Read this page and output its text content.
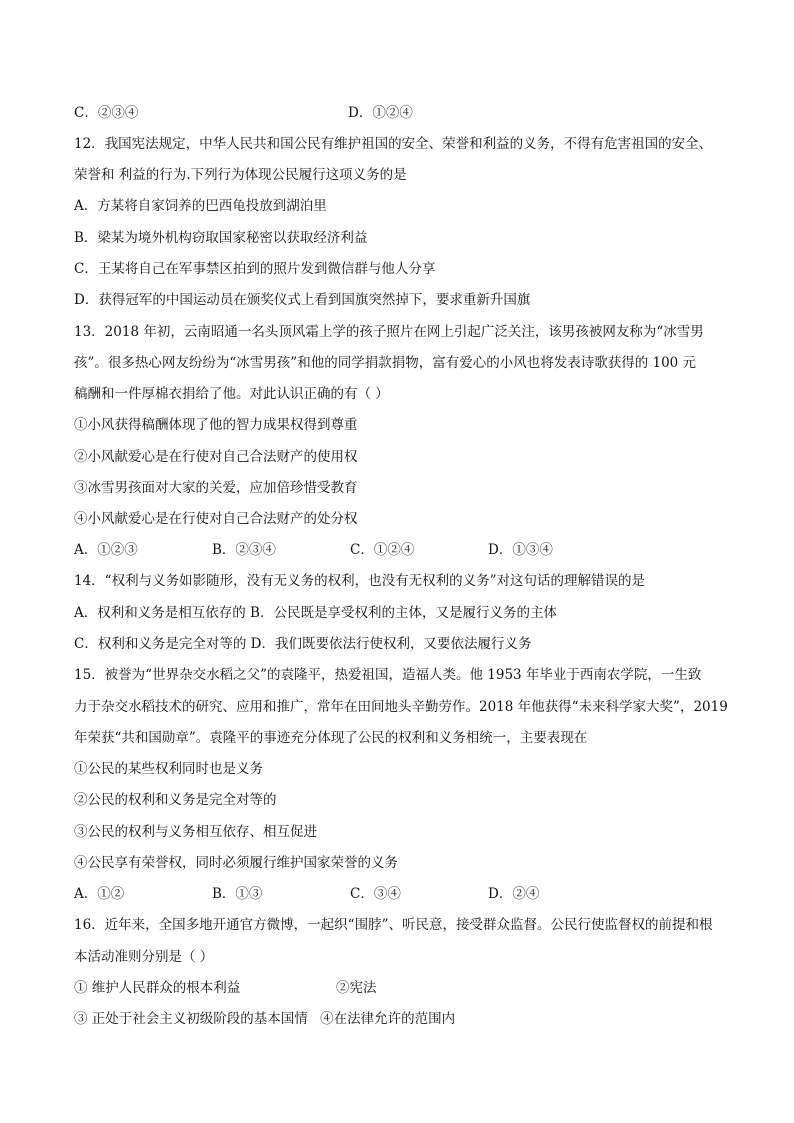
C．②③④	D．①②④
12．我国宪法规定，中华人民共和国公民有维护祖国的安全、荣誉和利益的义务，不得有危害祖国的安全、
荣誉和 利益的行为.下列行为体现公民履行这项义务的是
A．方某将自家饲养的巴西龟投放到湖泊里
B．梁某为境外机构窃取国家秘密以获取经济利益
C．王某将自己在军事禁区拍到的照片发到微信群与他人分享
D．获得冠军的中国运动员在颁奖仪式上看到国旗突然掉下，要求重新升国旗
13．2018 年初，云南昭通一名头顶风霜上学的孩子照片在网上引起广泛关注，该男孩被网友称为“冰雪男
孩”。很多热心网友纷纷为“冰雪男孩”和他的同学捐款捐物，富有爱心的小风也将发表诗歌获得的 100 元
稿酬和一件厚棉衣捐给了他。对此认识正确的有（ ）
①小风获得稿酬体现了他的智力成果权得到尊重
②小风献爱心是在行使对自己合法财产的使用权
③冰雪男孩面对大家的关爱，应加倍珍惜受教育
④小风献爱心是在行使对自己合法财产的处分权
A．①②③	B．②③④	C．①②④	D．①③④
14．“权利与义务如影随形，没有无义务的权利，也没有无权利的义务”对这句话的理解错误的是
A．权利和义务是相互依存的 B．公民既是享受权利的主体，又是履行义务的主体
C．权利和义务是完全对等的 D．我们既要依法行使权利，又要依法履行义务
15．被誉为“世界杂交水稻之父”的袁隆平，热爱祖国，造福人类。他 1953 年毕业于西南农学院，一生致
力于杂交水稻技术的研究、应用和推广，常年在田间地头辛勤劳作。2018 年他获得“未来科学家大奖”，2019
年荣获“共和国勋章”。袁隆平的事迹充分体现了公民的权利和义务相统一，主要表现在
①公民的某些权利同时也是义务
②公民的权利和义务是完全对等的
③公民的权利与义务相互依存、相互促进
④公民享有荣誉权，同时必须履行维护国家荣誉的义务
A．①②	B．①③	C．③④	D．②④
16．近年来，全国多地开通官方微博，一起织“围脖”、听民意，接受群众监督。公民行使监督权的前提和根
本活动准则分别是（ ）
① 维护人民群众的根本利益	②宪法
③ 正处于社会主义初级阶段的基本国情 ④在法律允许的范围内
